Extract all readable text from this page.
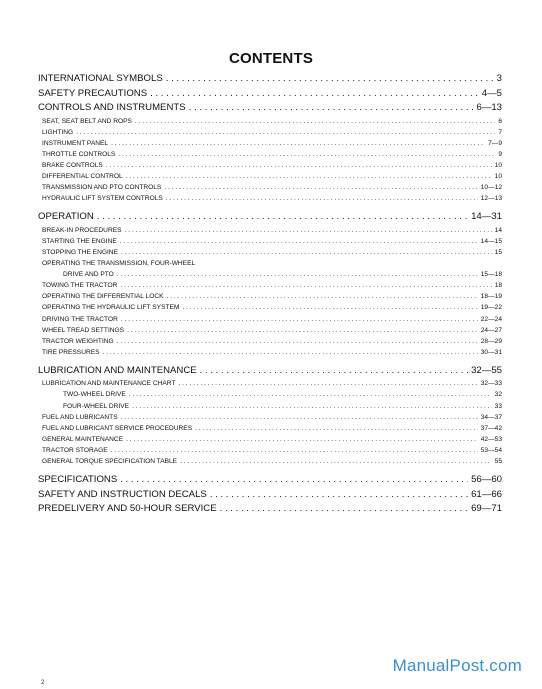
CONTENTS
INTERNATIONAL SYMBOLS . . .	3
SAFETY PRECAUTIONS . . .	4—5
CONTROLS AND INSTRUMENTS . . .	6—13
SEAT, SEAT BELT AND ROPS . . .	6
LIGHTING . . .	7
INSTRUMENT PANEL . . .	7—9
THROTTLE CONTROLS . . .	9
BRAKE CONTROLS . . .	10
DIFFERENTIAL CONTROL . . .	10
TRANSMISSION AND PTO CONTROLS . . .	10—12
HYDRAULIC LIFT SYSTEM CONTROLS . . .	12—13
OPERATION . . .	14—31
BREAK-IN PROCEDURES . . .	14
STARTING THE ENGINE . . .	14—15
STOPPING THE ENGINE . . .	15
OPERATING THE TRANSMISSION, FOUR-WHEEL
DRIVE AND PTO . . .	15—18
TOWING THE TRACTOR . . .	18
OPERATING THE DIFFERENTIAL LOCK . . .	18—19
OPERATING THE HYDRAULIC LIFT SYSTEM . . .	19—22
DRIVING THE TRACTOR . . .	22—24
WHEEL TREAD SETTINGS . . .	24—27
TRACTOR WEIGHTING . . .	28—29
TIRE PRESSURES . . .	30—31
LUBRICATION AND MAINTENANCE . . .	32—55
LUBRICATION AND MAINTENANCE CHART . . .	32—33
TWO-WHEEL DRIVE . . .	32
FOUR-WHEEL DRIVE . . .	33
FUEL AND LUBRICANTS . . .	34—37
FUEL AND LUBRICANT SERVICE PROCEDURES . . .	37—42
GENERAL MAINTENANCE . . .	42—53
TRACTOR STORAGE . . .	53—54
GENERAL TORQUE SPECIFICATION TABLE . . .	55
SPECIFICATIONS . . .	56—60
SAFETY AND INSTRUCTION DECALS . . .	61—66
PREDELIVERY AND 50-HOUR SERVICE . . .	69—71
ManualPost.com
2
